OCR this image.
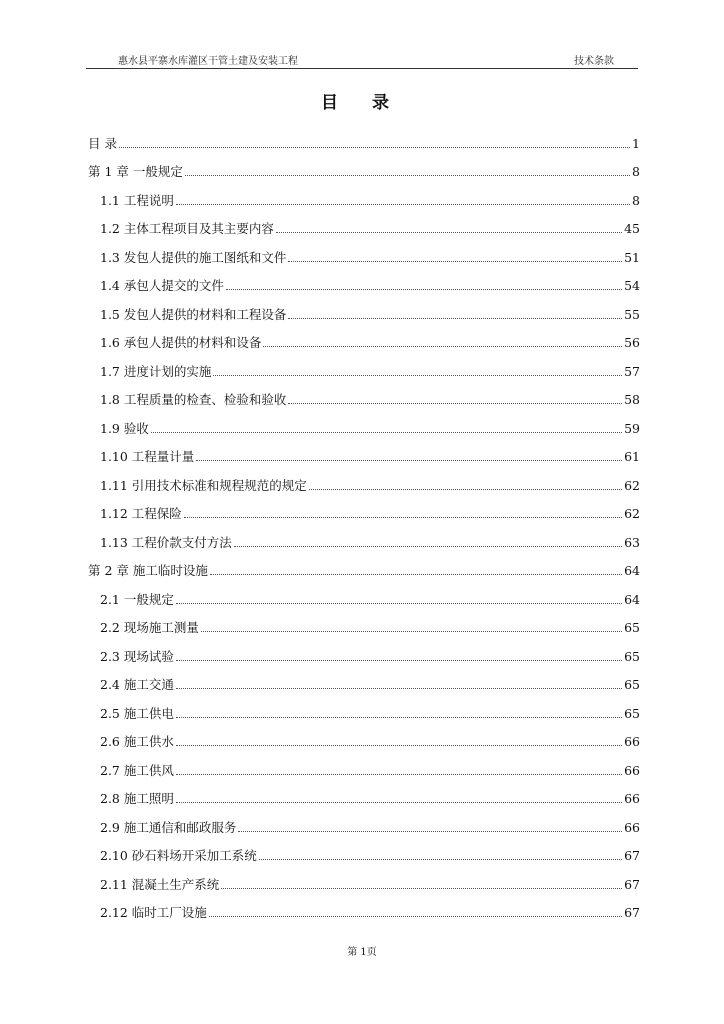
惠水县平寨水库灌区干管土建及安装工程	技术条款
目 录
目 录	1
第 1 章 一般规定	8
1.1 工程说明	8
1.2 主体工程项目及其主要内容	45
1.3 发包人提供的施工图纸和文件	51
1.4 承包人提交的文件	54
1.5 发包人提供的材料和工程设备	55
1.6 承包人提供的材料和设备	56
1.7 进度计划的实施	57
1.8 工程质量的检查、检验和验收	58
1.9 验收	59
1.10 工程量计量	61
1.11 引用技术标准和规程规范的规定	62
1.12 工程保险	62
1.13 工程价款支付方法	63
第 2 章 施工临时设施	64
2.1 一般规定	64
2.2 现场施工测量	65
2.3 现场试验	65
2.4 施工交通	65
2.5 施工供电	65
2.6 施工供水	66
2.7 施工供风	66
2.8 施工照明	66
2.9 施工通信和邮政服务	66
2.10 砂石料场开采加工系统	67
2.11 混凝土生产系统	67
2.12 临时工厂设施	67
第 1页
